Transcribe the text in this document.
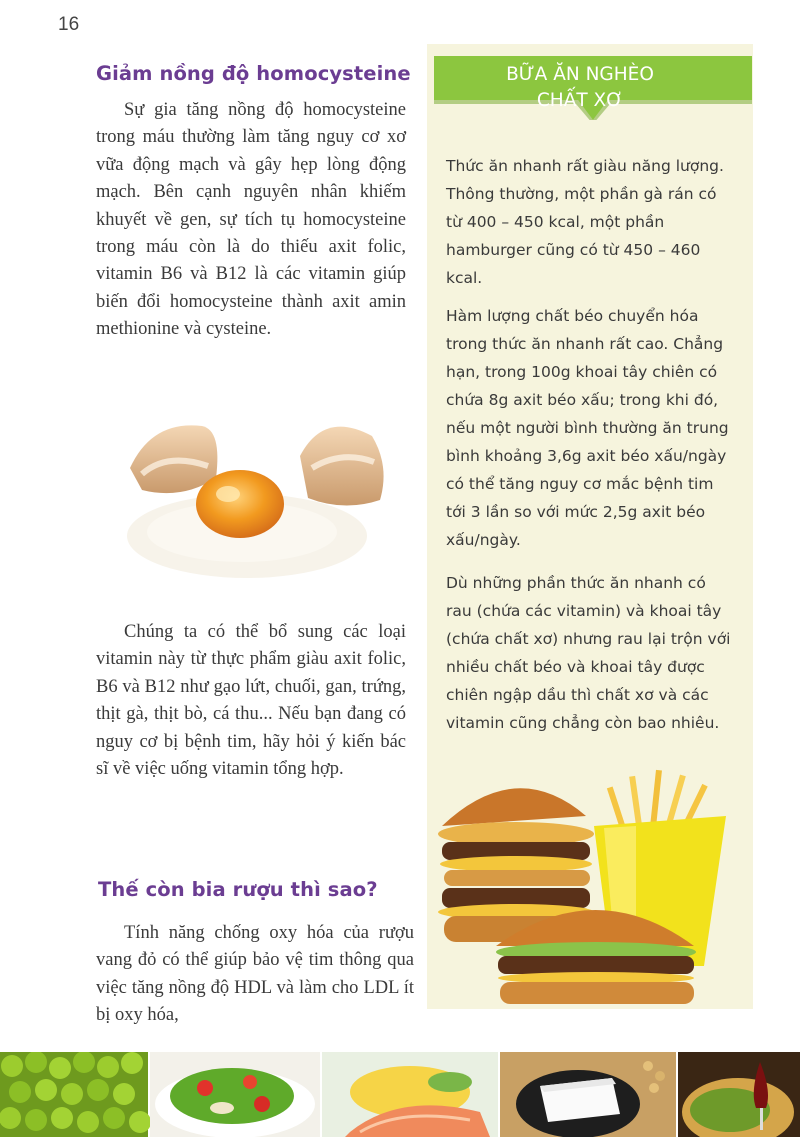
16
Giảm nồng độ homocysteine

Sự gia tăng nồng độ homocysteine trong máu thường làm tăng nguy cơ xơ vữa động mạch và gây hẹp lòng động mạch. Bên cạnh nguyên nhân khiếm khuyết về gen, sự tích tụ homocysteine trong máu còn là do thiếu axit folic, vitamin B6 và B12 là các vitamin giúp biến đổi homocysteine thành axit amin methionine và cysteine.

Chúng ta có thể bổ sung các loại vitamin này từ thực phẩm giàu axit folic, B6 và B12 như gạo lứt, chuối, gan, trứng, thịt gà, thịt bò, cá thu... Nếu bạn đang có nguy cơ bị bệnh tim, hãy hỏi ý kiến bác sĩ về việc uống vitamin tổng hợp.

Thế còn bia rượu thì sao?

Tính năng chống oxy hóa của rượu vang đỏ có thể giúp bảo vệ tim thông qua việc tăng nồng độ HDL và làm cho LDL ít bị oxy hóa,

BỮA ĂN NGHÈO
CHẤT XƠ

Thức ăn nhanh rất giàu năng lượng. Thông thường, một phần gà rán có từ 400 – 450 kcal, một phần hamburger cũng có từ 450 – 460 kcal.

Hàm lượng chất béo chuyển hóa trong thức ăn nhanh rất cao. Chẳng hạn, trong 100g khoai tây chiên có chứa 8g axit béo xấu; trong khi đó, nếu một người bình thường ăn trung bình khoảng 3,6g axit béo xấu/ngày có thể tăng nguy cơ mắc bệnh tim tới 3 lần so với mức 2,5g axit béo xấu/ngày.

Dù những phần thức ăn nhanh có rau (chứa các vitamin) và khoai tây (chứa chất xơ) nhưng rau lại trộn với nhiều chất béo và khoai tây được chiên ngập dầu thì chất xơ và các vitamin cũng chẳng còn bao nhiêu.
